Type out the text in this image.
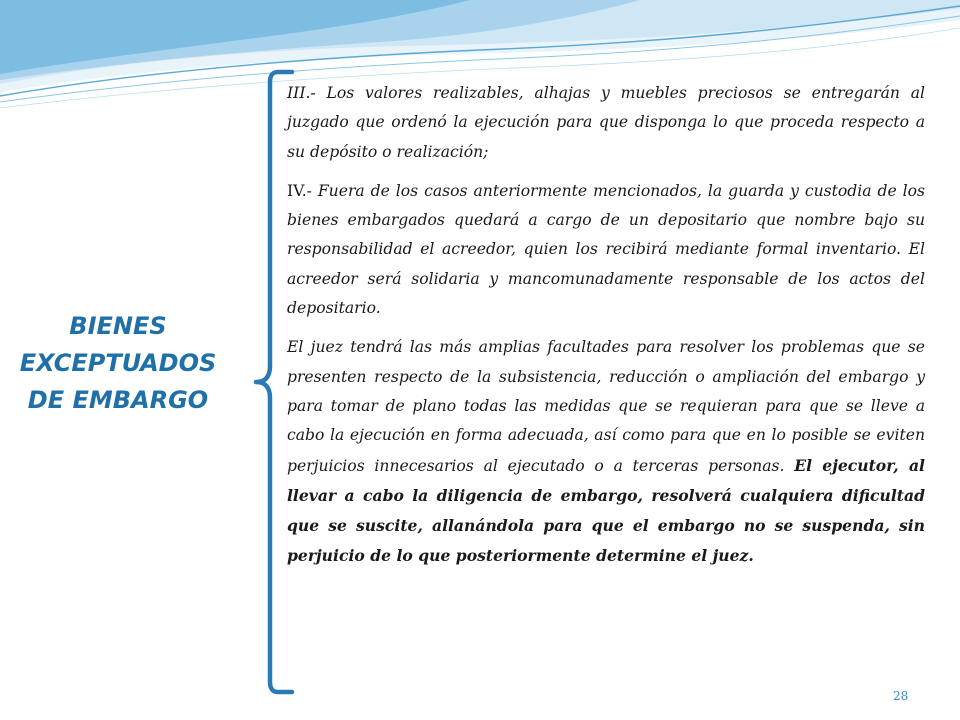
BIENES
EXCEPTUADOS
DE EMBARGO

III.- Los valores realizables, alhajas y muebles preciosos se entregarán al juzgado que ordenó la ejecución para que disponga lo que proceda respecto a su depósito o realización;

IV.- Fuera de los casos anteriormente mencionados, la guarda y custodia de los bienes embargados quedará a cargo de un depositario que nombre bajo su responsabilidad el acreedor, quien los recibirá mediante formal inventario. El acreedor será solidaria y mancomunadamente responsable de los actos del depositario.

El juez tendrá las más amplias facultades para resolver los problemas que se presenten respecto de la subsistencia, reducción o ampliación del embargo y para tomar de plano todas las medidas que se requieran para que se lleve a cabo la ejecución en forma adecuada, así como para que en lo posible se eviten perjuicios innecesarios al ejecutado o a terceras personas. El ejecutor, al llevar a cabo la diligencia de embargo, resolverá cualquiera dificultad que se suscite, allanándola para que el embargo no se suspenda, sin perjuicio de lo que posteriormente determine el juez.

28
